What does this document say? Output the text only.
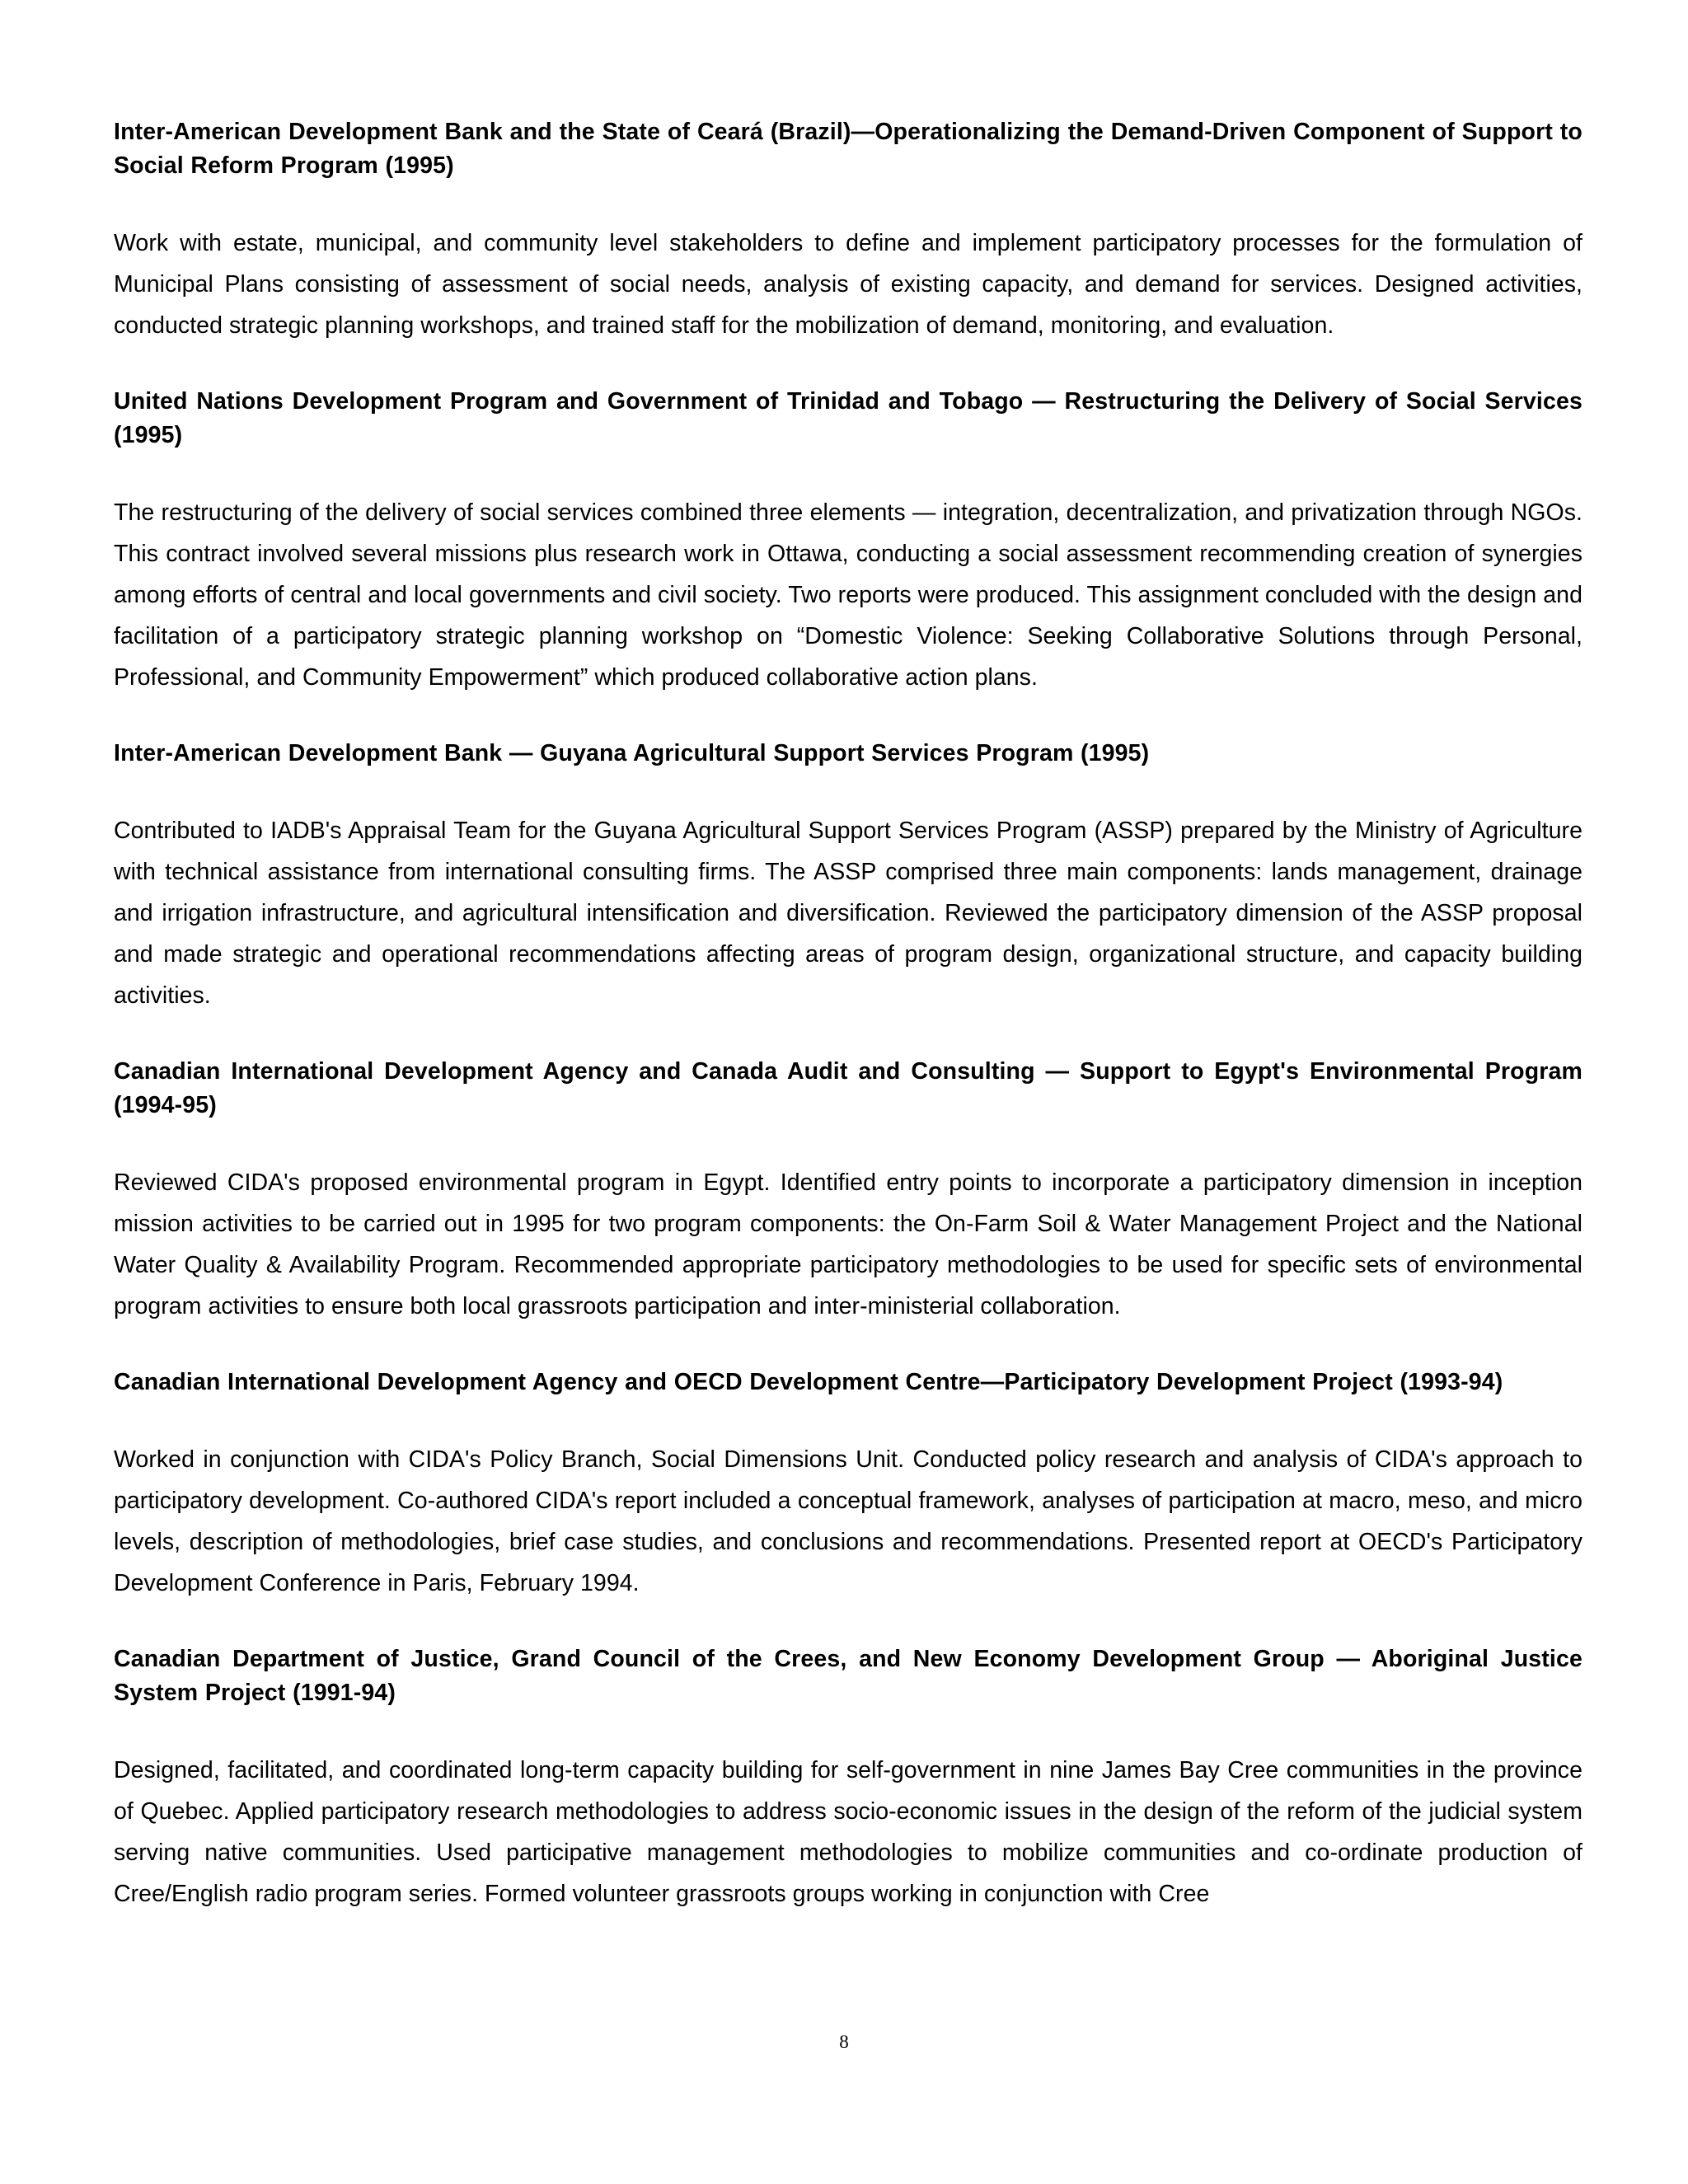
Inter-American Development Bank and the State of Ceará (Brazil)—Operationalizing the Demand-Driven Component of Support to Social Reform Program (1995)

Work with estate, municipal, and community level stakeholders to define and implement participatory processes for the formulation of Municipal Plans consisting of assessment of social needs, analysis of existing capacity, and demand for services. Designed activities, conducted strategic planning workshops, and trained staff for the mobilization of demand, monitoring, and evaluation.

United Nations Development Program and Government of Trinidad and Tobago — Restructuring the Delivery of Social Services (1995)

The restructuring of the delivery of social services combined three elements — integration, decentralization, and privatization through NGOs. This contract involved several missions plus research work in Ottawa, conducting a social assessment recommending creation of synergies among efforts of central and local governments and civil society. Two reports were produced. This assignment concluded with the design and facilitation of a participatory strategic planning workshop on “Domestic Violence: Seeking Collaborative Solutions through Personal, Professional, and Community Empowerment” which produced collaborative action plans.

Inter-American Development Bank — Guyana Agricultural Support Services Program (1995)

Contributed to IADB's Appraisal Team for the Guyana Agricultural Support Services Program (ASSP) prepared by the Ministry of Agriculture with technical assistance from international consulting firms. The ASSP comprised three main components: lands management, drainage and irrigation infrastructure, and agricultural intensification and diversification. Reviewed the participatory dimension of the ASSP proposal and made strategic and operational recommendations affecting areas of program design, organizational structure, and capacity building activities.

Canadian International Development Agency and Canada Audit and Consulting — Support to Egypt's Environmental Program (1994-95)

Reviewed CIDA's proposed environmental program in Egypt. Identified entry points to incorporate a participatory dimension in inception mission activities to be carried out in 1995 for two program components: the On-Farm Soil & Water Management Project and the National Water Quality & Availability Program. Recommended appropriate participatory methodologies to be used for specific sets of environmental program activities to ensure both local grassroots participation and inter-ministerial collaboration.

Canadian International Development Agency and OECD Development Centre—Participatory Development Project (1993-94)

Worked in conjunction with CIDA's Policy Branch, Social Dimensions Unit. Conducted policy research and analysis of CIDA's approach to participatory development. Co-authored CIDA's report included a conceptual framework, analyses of participation at macro, meso, and micro levels, description of methodologies, brief case studies, and conclusions and recommendations. Presented report at OECD's Participatory Development Conference in Paris, February 1994.

Canadian Department of Justice, Grand Council of the Crees, and New Economy Development Group — Aboriginal Justice System Project (1991-94)

Designed, facilitated, and coordinated long-term capacity building for self-government in nine James Bay Cree communities in the province of Quebec. Applied participatory research methodologies to address socio-economic issues in the design of the reform of the judicial system serving native communities. Used participative management methodologies to mobilize communities and co-ordinate production of Cree/English radio program series. Formed volunteer grassroots groups working in conjunction with Cree

8
